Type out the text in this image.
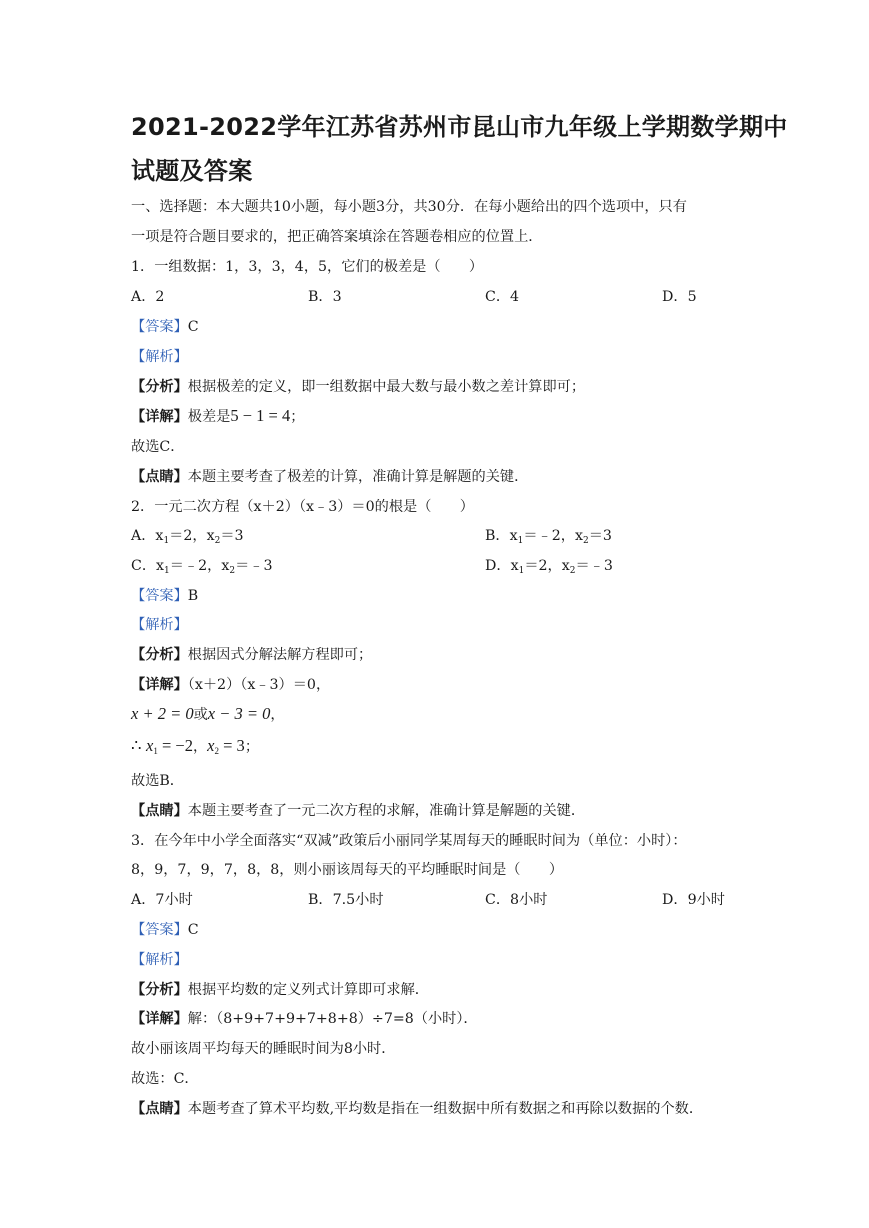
2021-2022学年江苏省苏州市昆山市九年级上学期数学期中
试题及答案
一、选择题：本大题共10小题，每小题3分，共30分．在每小题给出的四个选项中，只有
一项是符合题目要求的，把正确答案填涂在答题卷相应的位置上．
1．一组数据：1，3，3，4，5，它们的极差是（　　）
A．2	B．3	C．4	D．5
【答案】C
【解析】
【分析】根据极差的定义，即一组数据中最大数与最小数之差计算即可；
【详解】极差是5 − 1 = 4；
故选C．
【点睛】本题主要考查了极差的计算，准确计算是解题的关键．
2．一元二次方程（x＋2）（x﹣3）＝0的根是（　　）
A．$x_1=2$，$x_2=3$	B．$x_1=﹣2$，$x_2=3$
C．$x_1=﹣2$，$x_2=﹣3$	D．$x_1=2$，$x_2=﹣3$
【答案】B
【解析】
【分析】根据因式分解法解方程即可；
【详解】（x＋2）（x﹣3）＝0，
x + 2 = 0或x − 3 = 0，
∴ $x_1 = -2$，$x_2 = 3$；
故选B．
【点睛】本题主要考查了一元二次方程的求解，准确计算是解题的关键．
3．在今年中小学全面落实“双减”政策后小丽同学某周每天的睡眠时间为（单位：小时）：
8，9，7，9，7，8，8，则小丽该周每天的平均睡眠时间是（　　）
A．7小时	B．7.5小时	C．8小时	D．9小时
【答案】C
【解析】
【分析】根据平均数的定义列式计算即可求解．
【详解】解：（8+9+7+9+7+8+8）÷7=8（小时）．
故小丽该周平均每天的睡眠时间为8小时．
故选：C．
【点睛】本题考查了算术平均数,平均数是指在一组数据中所有数据之和再除以数据的个数．
